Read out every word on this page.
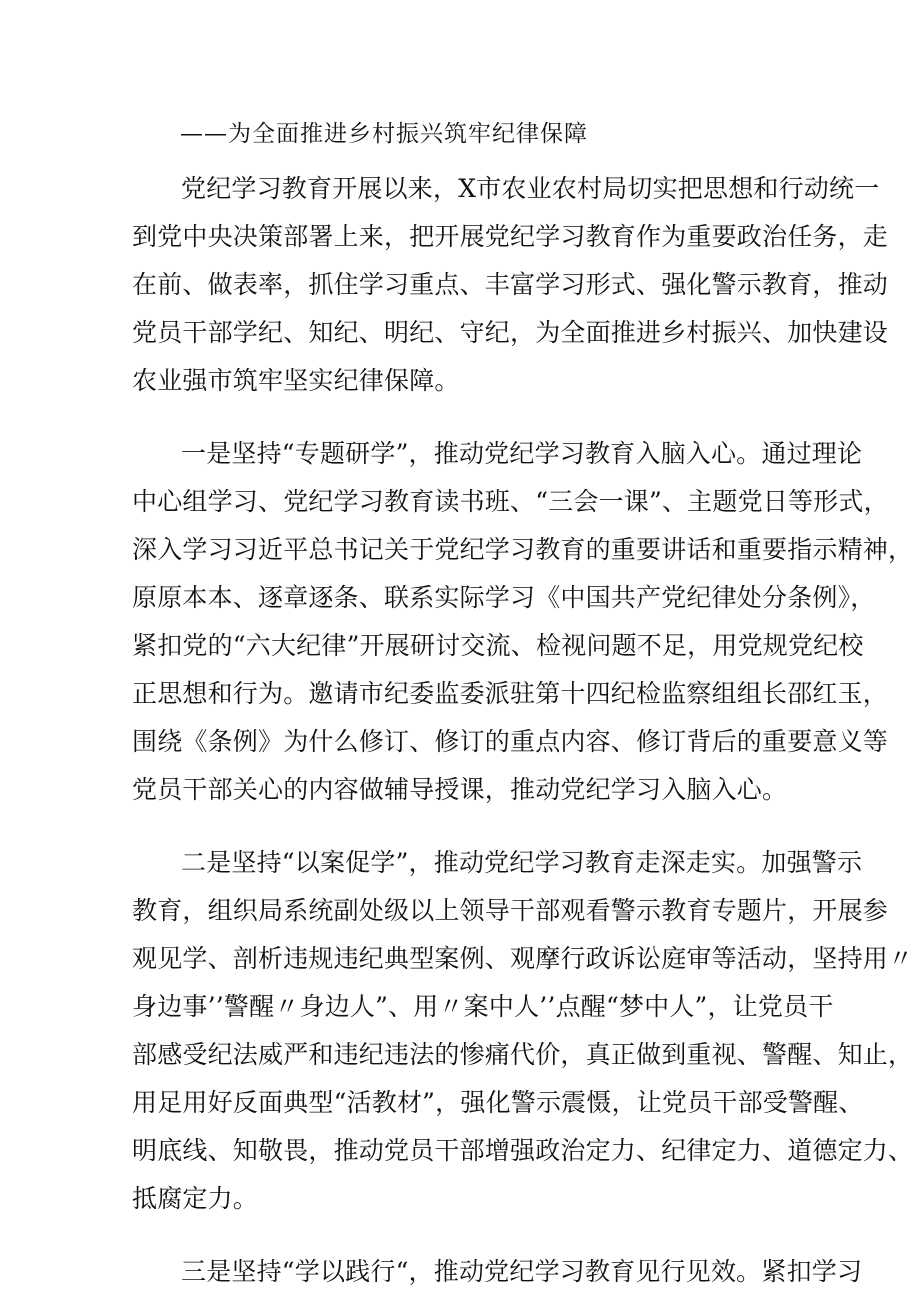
——为全面推进乡村振兴筑牢纪律保障
党纪学习教育开展以来，X市农业农村局切实把思想和行动统一
到党中央决策部署上来，把开展党纪学习教育作为重要政治任务，走
在前、做表率，抓住学习重点、丰富学习形式、强化警示教育，推动
党员干部学纪、知纪、明纪、守纪，为全面推进乡村振兴、加快建设
农业强市筑牢坚实纪律保障。
一是坚持“专题研学”，推动党纪学习教育入脑入心。通过理论
中心组学习、党纪学习教育读书班、“三会一课”、主题党日等形式，
深入学习习近平总书记关于党纪学习教育的重要讲话和重要指示精神，
原原本本、逐章逐条、联系实际学习《中国共产党纪律处分条例》，
紧扣党的“六大纪律”开展研讨交流、检视问题不足，用党规党纪校
正思想和行为。邀请市纪委监委派驻第十四纪检监察组组长邵红玉，
围绕《条例》为什么修订、修订的重点内容、修订背后的重要意义等
党员干部关心的内容做辅导授课，推动党纪学习入脑入心。
二是坚持“以案促学”，推动党纪学习教育走深走实。加强警示
教育，组织局系统副处级以上领导干部观看警示教育专题片，开展参
观见学、剖析违规违纪典型案例、观摩行政诉讼庭审等活动，坚持用〃
身边事’’警醒〃身边人”、用〃案中人’’点醒“梦中人”，让党员干
部感受纪法威严和违纪违法的惨痛代价，真正做到重视、警醒、知止，
用足用好反面典型“活教材”，强化警示震慑，让党员干部受警醒、
明底线、知敬畏，推动党员干部增强政治定力、纪律定力、道德定力、
抵腐定力。
三是坚持“学以践行“，推动党纪学习教育见行见效。紧扣学习
